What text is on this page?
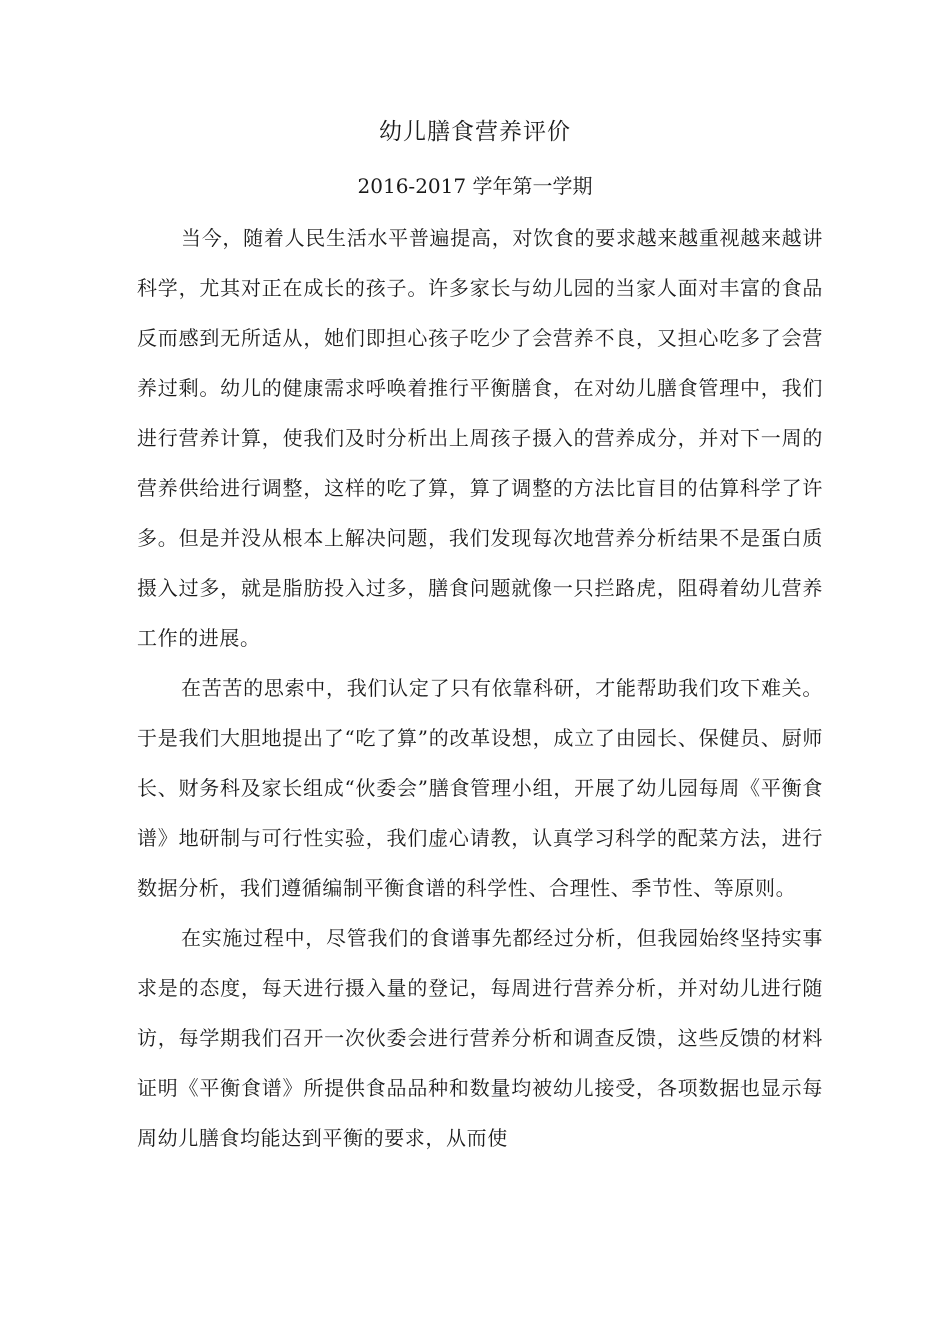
幼儿膳食营养评价
2016-2017 学年第一学期

当今，随着人民生活水平普遍提高，对饮食的要求越来越重视越来越讲科学，尤其对正在成长的孩子。许多家长与幼儿园的当家人面对丰富的食品反而感到无所适从，她们即担心孩子吃少了会营养不良，又担心吃多了会营养过剩。幼儿的健康需求呼唤着推行平衡膳食，在对幼儿膳食管理中，我们进行营养计算，使我们及时分析出上周孩子摄入的营养成分，并对下一周的营养供给进行调整，这样的吃了算，算了调整的方法比盲目的估算科学了许多。但是并没从根本上解决问题，我们发现每次地营养分析结果不是蛋白质摄入过多，就是脂肪投入过多，膳食问题就像一只拦路虎，阻碍着幼儿营养工作的进展。

在苦苦的思索中，我们认定了只有依靠科研，才能帮助我们攻下难关。于是我们大胆地提出了“吃了算”的改革设想，成立了由园长、保健员、厨师长、财务科及家长组成“伙委会”膳食管理小组，开展了幼儿园每周《平衡食谱》地研制与可行性实验，我们虚心请教，认真学习科学的配菜方法，进行数据分析，我们遵循编制平衡食谱的科学性、合理性、季节性、等原则。

在实施过程中，尽管我们的食谱事先都经过分析，但我园始终坚持实事求是的态度，每天进行摄入量的登记，每周进行营养分析，并对幼儿进行随访，每学期我们召开一次伙委会进行营养分析和调查反馈，这些反馈的材料证明《平衡食谱》所提供食品品种和数量均被幼儿接受，各项数据也显示每周幼儿膳食均能达到平衡的要求，从而使
